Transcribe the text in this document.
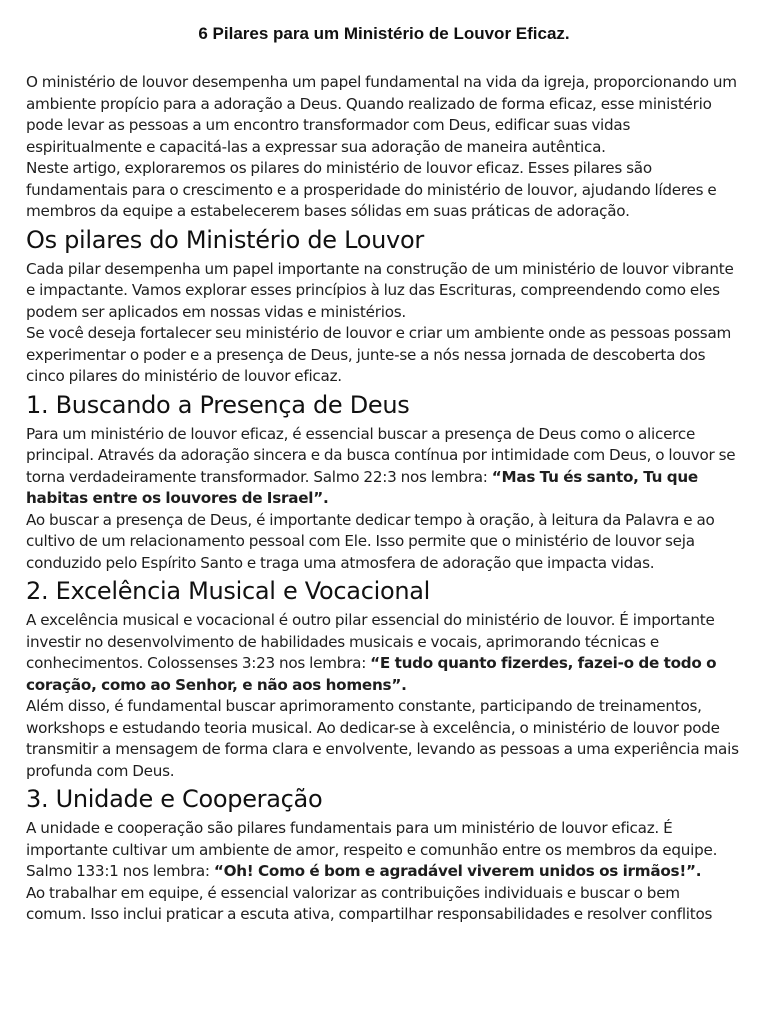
6 Pilares para um Ministério de Louvor Eficaz.

O ministério de louvor desempenha um papel fundamental na vida da igreja, proporcionando um ambiente propício para a adoração a Deus. Quando realizado de forma eficaz, esse ministério pode levar as pessoas a um encontro transformador com Deus, edificar suas vidas espiritualmente e capacitá-las a expressar sua adoração de maneira autêntica.

Neste artigo, exploraremos os pilares do ministério de louvor eficaz. Esses pilares são fundamentais para o crescimento e a prosperidade do ministério de louvor, ajudando líderes e membros da equipe a estabelecerem bases sólidas em suas práticas de adoração.

Os pilares do Ministério de Louvor

Cada pilar desempenha um papel importante na construção de um ministério de louvor vibrante e impactante. Vamos explorar esses princípios à luz das Escrituras, compreendendo como eles podem ser aplicados em nossas vidas e ministérios.

Se você deseja fortalecer seu ministério de louvor e criar um ambiente onde as pessoas possam experimentar o poder e a presença de Deus, junte-se a nós nessa jornada de descoberta dos cinco pilares do ministério de louvor eficaz.

1. Buscando a Presença de Deus

Para um ministério de louvor eficaz, é essencial buscar a presença de Deus como o alicerce principal. Através da adoração sincera e da busca contínua por intimidade com Deus, o louvor se torna verdadeiramente transformador. Salmo 22:3 nos lembra: “Mas Tu és santo, Tu que habitas entre os louvores de Israel”.

Ao buscar a presença de Deus, é importante dedicar tempo à oração, à leitura da Palavra e ao cultivo de um relacionamento pessoal com Ele. Isso permite que o ministério de louvor seja conduzido pelo Espírito Santo e traga uma atmosfera de adoração que impacta vidas.

2. Excelência Musical e Vocacional

A excelência musical e vocacional é outro pilar essencial do ministério de louvor. É importante investir no desenvolvimento de habilidades musicais e vocais, aprimorando técnicas e conhecimentos. Colossenses 3:23 nos lembra: “E tudo quanto fizerdes, fazei-o de todo o coração, como ao Senhor, e não aos homens”.

Além disso, é fundamental buscar aprimoramento constante, participando de treinamentos, workshops e estudando teoria musical. Ao dedicar-se à excelência, o ministério de louvor pode transmitir a mensagem de forma clara e envolvente, levando as pessoas a uma experiência mais profunda com Deus.

3. Unidade e Cooperação

A unidade e cooperação são pilares fundamentais para um ministério de louvor eficaz. É importante cultivar um ambiente de amor, respeito e comunhão entre os membros da equipe. Salmo 133:1 nos lembra: “Oh! Como é bom e agradável viverem unidos os irmãos!”.

Ao trabalhar em equipe, é essencial valorizar as contribuições individuais e buscar o bem comum. Isso inclui praticar a escuta ativa, compartilhar responsabilidades e resolver conflitos
